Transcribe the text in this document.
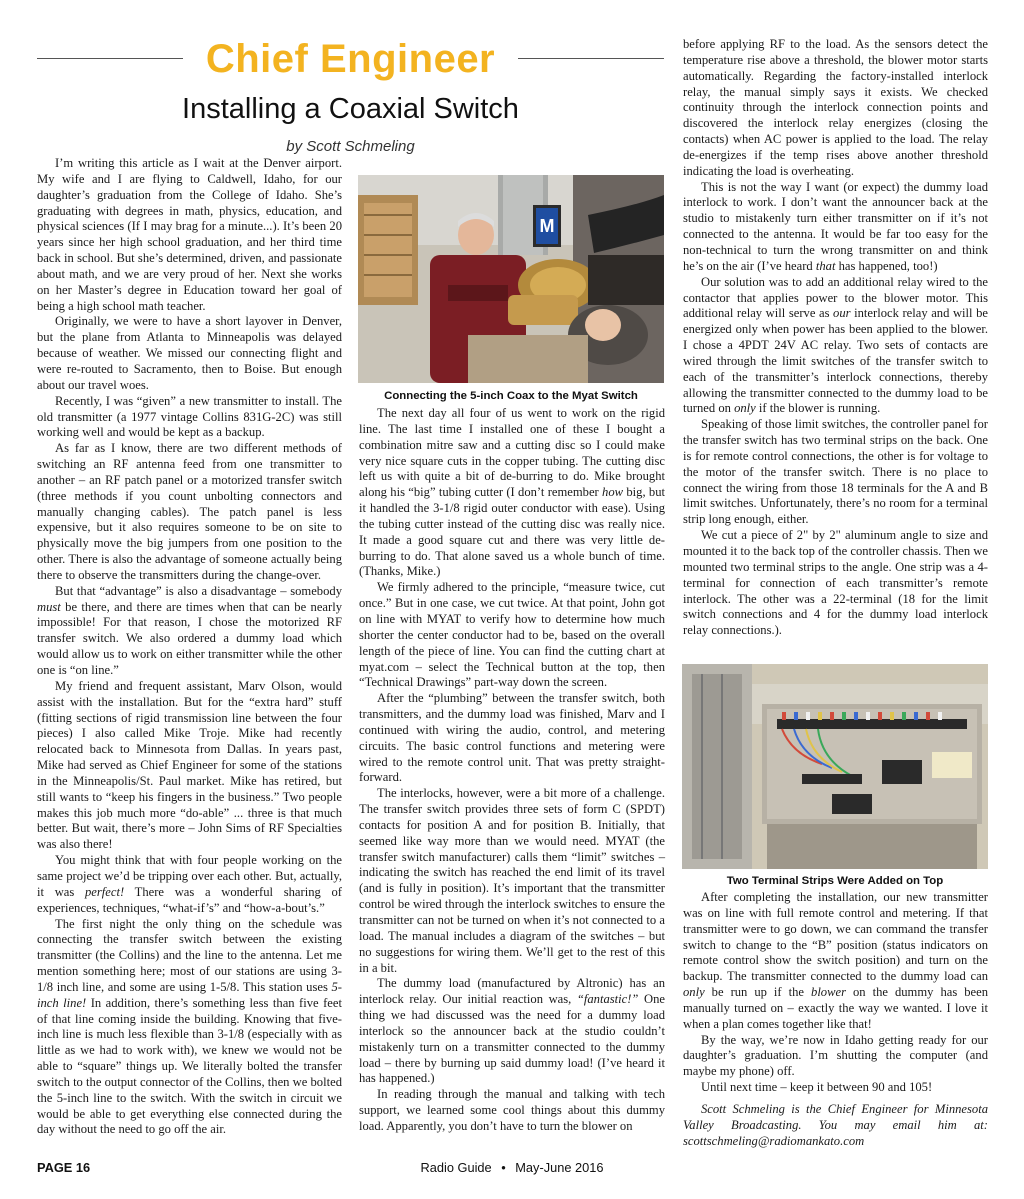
Chief Engineer
Installing a Coaxial Switch
by Scott Schmeling

I’m writing this article as I wait at the Denver airport. My wife and I are flying to Caldwell, Idaho, for our daughter’s graduation from the College of Idaho. She’s graduating with degrees in math, physics, education, and physical sciences (If I may brag for a minute...). It’s been 20 years since her high school graduation, and her third time back in school. But she’s determined, driven, and passionate about math, and we are very proud of her. Next she works on her Master’s degree in Education toward her goal of being a high school math teacher.

Originally, we were to have a short layover in Denver, but the plane from Atlanta to Minneapolis was delayed because of weather. We missed our connecting flight and were re-routed to Sacramento, then to Boise. But enough about our travel woes.

Recently, I was “given” a new transmitter to install. The old transmitter (a 1977 vintage Collins 831G-2C) was still working well and would be kept as a backup.

As far as I know, there are two different methods of switching an RF antenna feed from one transmitter to another – an RF patch panel or a motorized transfer switch (three methods if you count unbolting connectors and manually changing cables). The patch panel is less expensive, but it also requires someone to be on site to physically move the big jumpers from one position to the other. There is also the advantage of someone actually being there to observe the transmitters during the change-over.

But that “advantage” is also a disadvantage – somebody must be there, and there are times when that can be nearly impossible! For that reason, I chose the motorized RF transfer switch. We also ordered a dummy load which would allow us to work on either transmitter while the other one is “on line.”

My friend and frequent assistant, Marv Olson, would assist with the installation. But for the “extra hard” stuff (fitting sections of rigid transmission line between the four pieces) I also called Mike Troje. Mike had recently relocated back to Minnesota from Dallas. In years past, Mike had served as Chief Engineer for some of the stations in the Minneapolis/St. Paul market. Mike has retired, but still wants to “keep his fingers in the business.” Two people makes this job much more “do-able” ... three is that much better. But wait, there’s more – John Sims of RF Specialties was also there!

You might think that with four people working on the same project we’d be tripping over each other. But, actually, it was perfect! There was a wonderful sharing of experiences, techniques, “what-if’s” and “how-a-bout’s.”

The first night the only thing on the schedule was connecting the transfer switch between the existing transmitter (the Collins) and the line to the antenna. Let me mention something here; most of our stations are using 3-1/8 inch line, and some are using 1-5/8. This station uses 5-inch line! In addition, there’s something less than five feet of that line coming inside the building. Knowing that five-inch line is much less flexible than 3-1/8 (especially with as little as we had to work with), we knew we would not be able to “square” things up. We literally bolted the transfer switch to the output connector of the Collins, then we bolted the 5-inch line to the switch. With the switch in circuit we would be able to get everything else connected during the day without the need to go off the air.

M
Connecting the 5-inch Coax to the Myat Switch

The next day all four of us went to work on the rigid line. The last time I installed one of these I bought a combination mitre saw and a cutting disc so I could make very nice square cuts in the copper tubing. The cutting disc left us with quite a bit of de-burring to do. Mike brought along his “big” tubing cutter (I don’t remember how big, but it handled the 3-1/8 rigid outer conductor with ease). Using the tubing cutter instead of the cutting disc was really nice. It made a good square cut and there was very little de-burring to do. That alone saved us a whole bunch of time. (Thanks, Mike.)

We firmly adhered to the principle, “measure twice, cut once.” But in one case, we cut twice. At that point, John got on line with MYAT to verify how to determine how much shorter the center conductor had to be, based on the overall length of the piece of line. You can find the cutting chart at myat.com – select the Technical button at the top, then “Technical Drawings” part-way down the screen.

After the “plumbing” between the transfer switch, both transmitters, and the dummy load was finished, Marv and I continued with wiring the audio, control, and metering circuits. The basic control functions and metering were wired to the remote control unit. That was pretty straight-forward.

The interlocks, however, were a bit more of a challenge. The transfer switch provides three sets of form C (SPDT) contacts for position A and for position B. Initially, that seemed like way more than we would need. MYAT (the transfer switch manufacturer) calls them “limit” switches – indicating the switch has reached the end limit of its travel (and is fully in position). It’s important that the transmitter control be wired through the interlock switches to ensure the transmitter can not be turned on when it’s not connected to a load. The manual includes a diagram of the switches – but no suggestions for wiring them. We’ll get to the rest of this in a bit.

The dummy load (manufactured by Altronic) has an interlock relay. Our initial reaction was, “fantastic!” One thing we had discussed was the need for a dummy load interlock so the announcer back at the studio couldn’t mistakenly turn on a transmitter connected to the dummy load – there by burning up said dummy load! (I’ve heard it has happened.)

In reading through the manual and talking with tech support, we learned some cool things about this dummy load. Apparently, you don’t have to turn the blower on

before applying RF to the load. As the sensors detect the temperature rise above a threshold, the blower motor starts automatically. Regarding the factory-installed interlock relay, the manual simply says it exists. We checked continuity through the interlock connection points and discovered the interlock relay energizes (closing the contacts) when AC power is applied to the load. The relay de-energizes if the temp rises above another threshold indicating the load is overheating.

This is not the way I want (or expect) the dummy load interlock to work. I don’t want the announcer back at the studio to mistakenly turn either transmitter on if it’s not connected to the antenna. It would be far too easy for the non-technical to turn the wrong transmitter on and think he’s on the air (I’ve heard that has happened, too!)

Our solution was to add an additional relay wired to the contactor that applies power to the blower motor. This additional relay will serve as our interlock relay and will be energized only when power has been applied to the blower. I chose a 4PDT 24V AC relay. Two sets of contacts are wired through the limit switches of the transfer switch to each of the transmitter’s interlock connections, thereby allowing the transmitter connected to the dummy load to be turned on only if the blower is running.

Speaking of those limit switches, the controller panel for the transfer switch has two terminal strips on the back. One is for remote control connections, the other is for voltage to the motor of the transfer switch. There is no place to connect the wiring from those 18 terminals for the A and B limit switches. Unfortunately, there’s no room for a terminal strip long enough, either.

We cut a piece of 2" by 2" aluminum angle to size and mounted it to the back top of the controller chassis. Then we mounted two terminal strips to the angle. One strip was a 4-terminal for connection of each transmitter’s remote interlock. The other was a 22-terminal (18 for the limit switch connections and 4 for the dummy load interlock relay connections.).

Two Terminal Strips Were Added on Top

After completing the installation, our new transmitter was on line with full remote control and metering. If that transmitter were to go down, we can command the transfer switch to change to the “B” position (status indicators on remote control show the switch position) and turn on the backup. The transmitter connected to the dummy load can only be run up if the blower on the dummy has been manually turned on – exactly the way we wanted. I love it when a plan comes together like that!

By the way, we’re now in Idaho getting ready for our daughter’s graduation. I’m shutting the computer (and maybe my phone) off.

Until next time – keep it between 90 and 105!

Scott Schmeling is the Chief Engineer for Minnesota Valley Broadcasting. You may email him at: scottschmeling@radiomankato.com

PAGE 16	Radio Guide • May-June 2016
